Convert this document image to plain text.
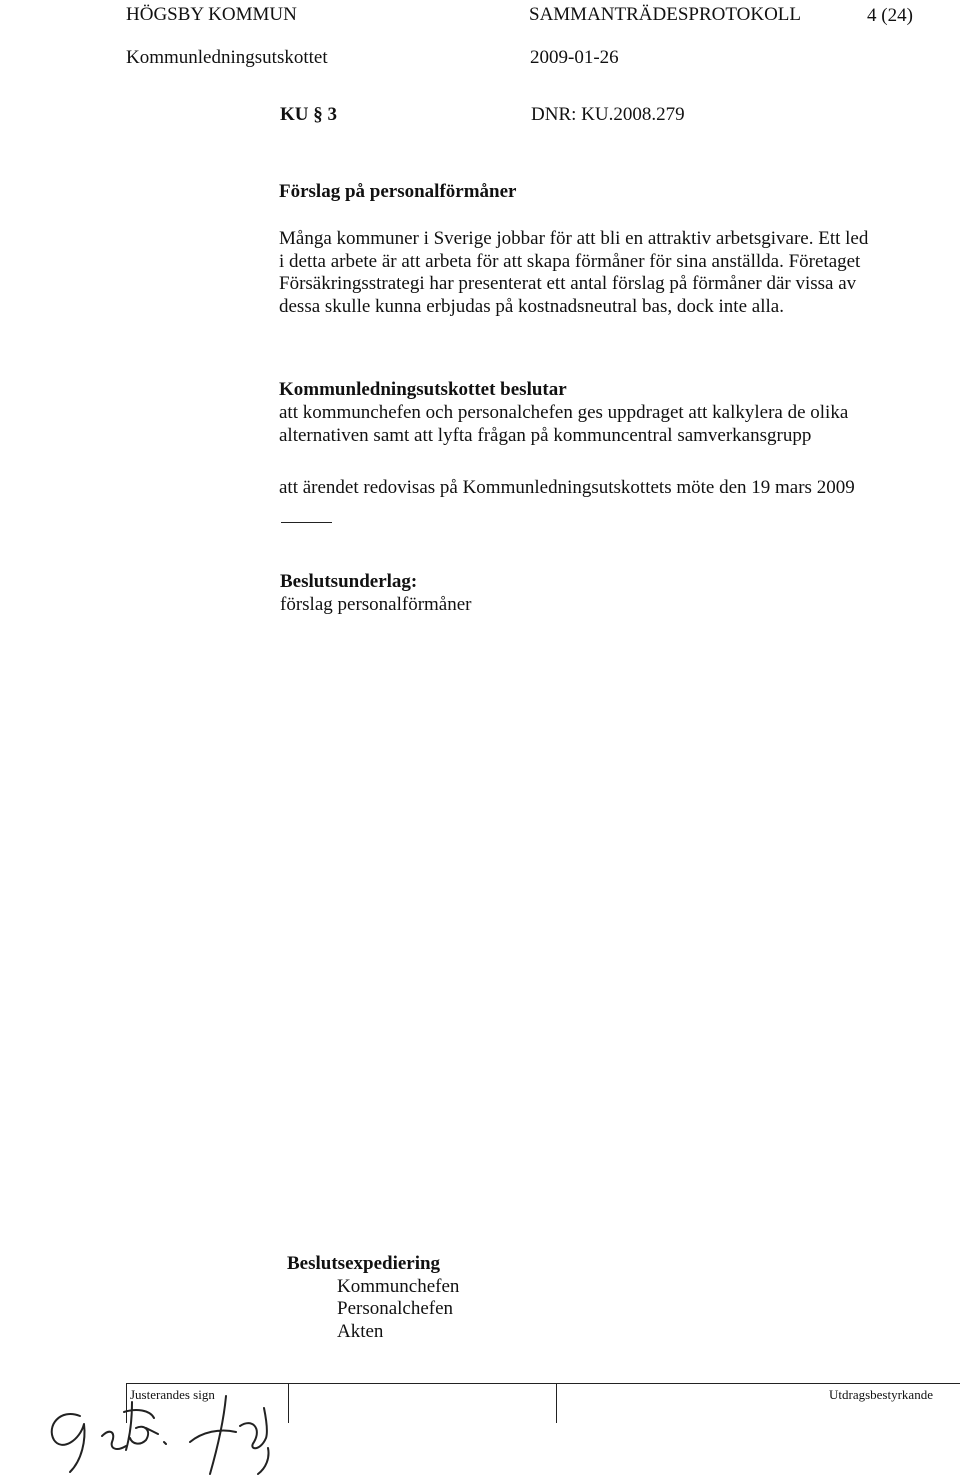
HÖGSBY KOMMUN	SAMMANTRÄDESPROTOKOLL	4 (24)
Kommunledningsutskottet	2009-01-26
KU § 3	DNR: KU.2008.279
Förslag på personalförmåner
Många kommuner i Sverige jobbar för att bli en attraktiv arbetsgivare. Ett led
i detta arbete är att arbeta för att skapa förmåner för sina anställda. Företaget
Försäkringsstrategi har presenterat ett antal förslag på förmåner där vissa av
dessa skulle kunna erbjudas på kostnadsneutral bas, dock inte alla.
Kommunledningsutskottet beslutar
att kommunchefen och personalchefen ges uppdraget att kalkylera de olika
alternativen samt att lyfta frågan på kommuncentral samverkansgrupp
att ärendet redovisas på Kommunledningsutskottets möte den 19 mars 2009
Beslutsunderlag:
förslag personalförmåner
Beslutsexpediering
Kommunchefen
Personalchefen
Akten
Justerandes sign	Utdragsbestyrkande
